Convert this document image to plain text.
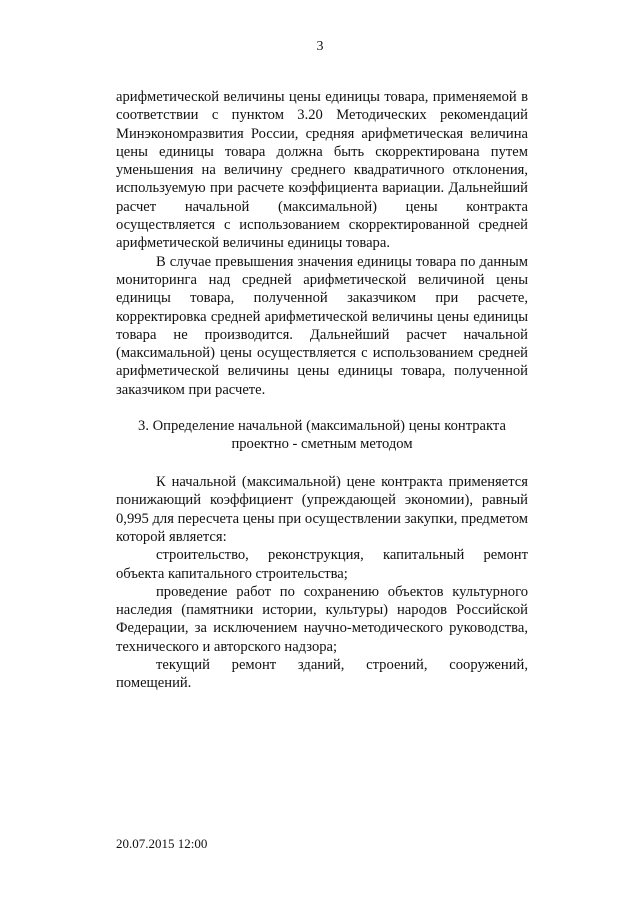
3

арифметической величины цены единицы товара, применяемой в соответствии с пунктом 3.20 Методических рекомендаций Минэкономразвития России, средняя арифметическая величина цены единицы товара должна быть скорректирована путем уменьшения на величину среднего квадратичного отклонения, используемую при расчете коэффициента вариации. Дальнейший расчет начальной (максимальной) цены контракта осуществляется с использованием скорректированной средней арифметической величины единицы товара.

В случае превышения значения единицы товара по данным мониторинга над средней арифметической величиной цены единицы товара, полученной заказчиком при расчете, корректировка средней арифметической величины цены единицы товара не производится. Дальнейший расчет начальной (максимальной) цены осуществляется с использованием средней арифметической величины цены единицы товара, полученной заказчиком при расчете.

3. Определение начальной (максимальной) цены контракта
проектно - сметным методом

К начальной (максимальной) цене контракта применяется понижающий коэффициент (упреждающей экономии), равный 0,995 для пересчета цены при осуществлении закупки, предметом которой является:

строительство, реконструкция, капитальный ремонт объекта капитального строительства;

проведение работ по сохранению объектов культурного наследия (памятники истории, культуры) народов Российской Федерации, за исключением научно-методического руководства, технического и авторского надзора;

текущий ремонт зданий, строений, сооружений, помещений.

20.07.2015 12:00
